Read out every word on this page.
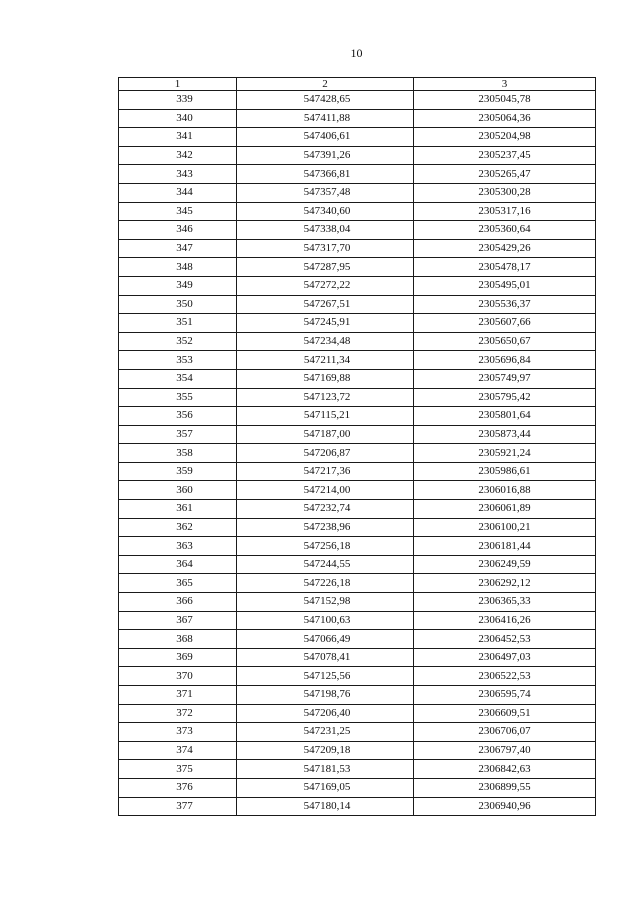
10
1	2	3
339	547428,65	2305045,78
340	547411,88	2305064,36
341	547406,61	2305204,98
342	547391,26	2305237,45
343	547366,81	2305265,47
344	547357,48	2305300,28
345	547340,60	2305317,16
346	547338,04	2305360,64
347	547317,70	2305429,26
348	547287,95	2305478,17
349	547272,22	2305495,01
350	547267,51	2305536,37
351	547245,91	2305607,66
352	547234,48	2305650,67
353	547211,34	2305696,84
354	547169,88	2305749,97
355	547123,72	2305795,42
356	547115,21	2305801,64
357	547187,00	2305873,44
358	547206,87	2305921,24
359	547217,36	2305986,61
360	547214,00	2306016,88
361	547232,74	2306061,89
362	547238,96	2306100,21
363	547256,18	2306181,44
364	547244,55	2306249,59
365	547226,18	2306292,12
366	547152,98	2306365,33
367	547100,63	2306416,26
368	547066,49	2306452,53
369	547078,41	2306497,03
370	547125,56	2306522,53
371	547198,76	2306595,74
372	547206,40	2306609,51
373	547231,25	2306706,07
374	547209,18	2306797,40
375	547181,53	2306842,63
376	547169,05	2306899,55
377	547180,14	2306940,96
